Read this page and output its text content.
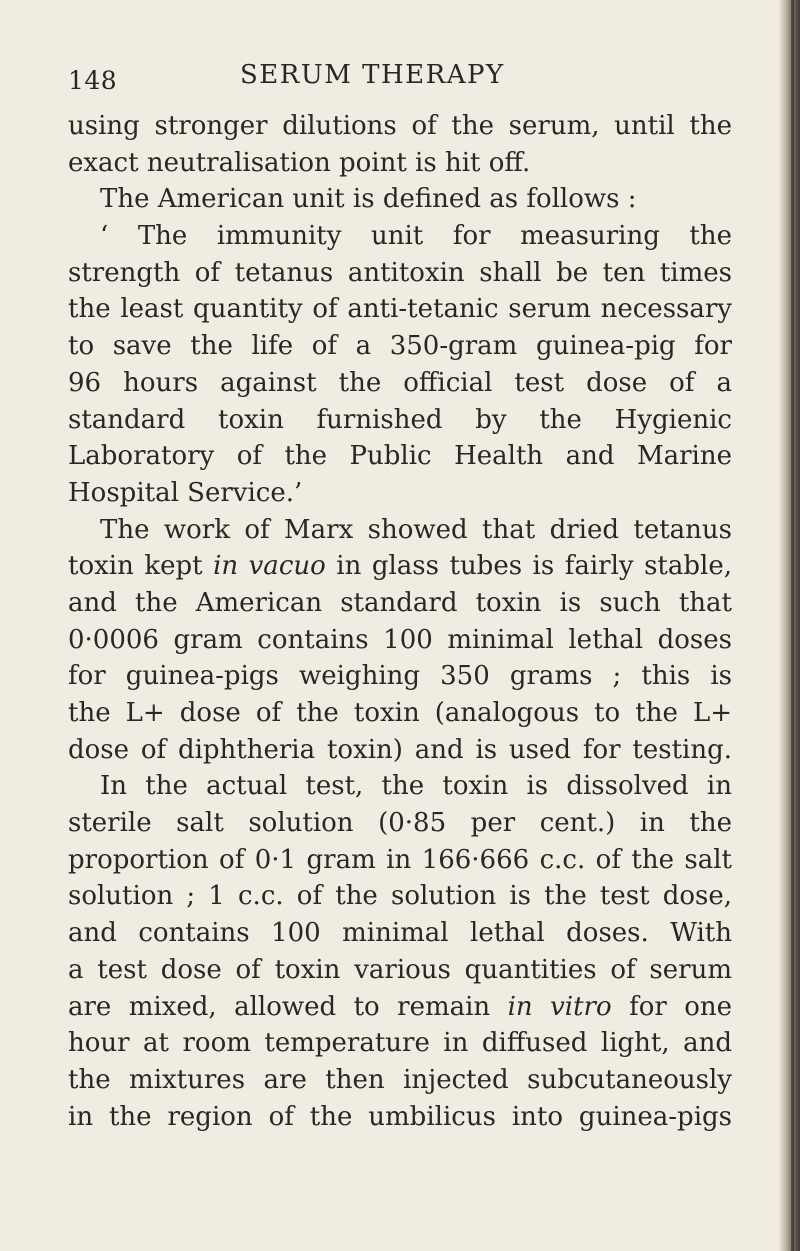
148	SERUM THERAPY
using stronger dilutions of the serum, until the
exact neutralisation point is hit off.
The American unit is defined as follows :
‘ The immunity unit for measuring the
strength of tetanus antitoxin shall be ten times
the least quantity of anti-tetanic serum necessary
to save the life of a 350-gram guinea-pig for
96 hours against the official test dose of a
standard toxin furnished by the Hygienic
Laboratory of the Public Health and Marine
Hospital Service.’
The work of Marx showed that dried tetanus
toxin kept in vacuo in glass tubes is fairly stable,
and the American standard toxin is such that
0·0006 gram contains 100 minimal lethal doses
for guinea-pigs weighing 350 grams ; this is
the L+ dose of the toxin (analogous to the L+
dose of diphtheria toxin) and is used for testing.
In the actual test, the toxin is dissolved in
sterile salt solution (0·85 per cent.) in the
proportion of 0·1 gram in 166·666 c.c. of the salt
solution ; 1 c.c. of the solution is the test dose,
and contains 100 minimal lethal doses. With
a test dose of toxin various quantities of serum
are mixed, allowed to remain in vitro for one
hour at room temperature in diffused light, and
the mixtures are then injected subcutaneously
in the region of the umbilicus into guinea-pigs
